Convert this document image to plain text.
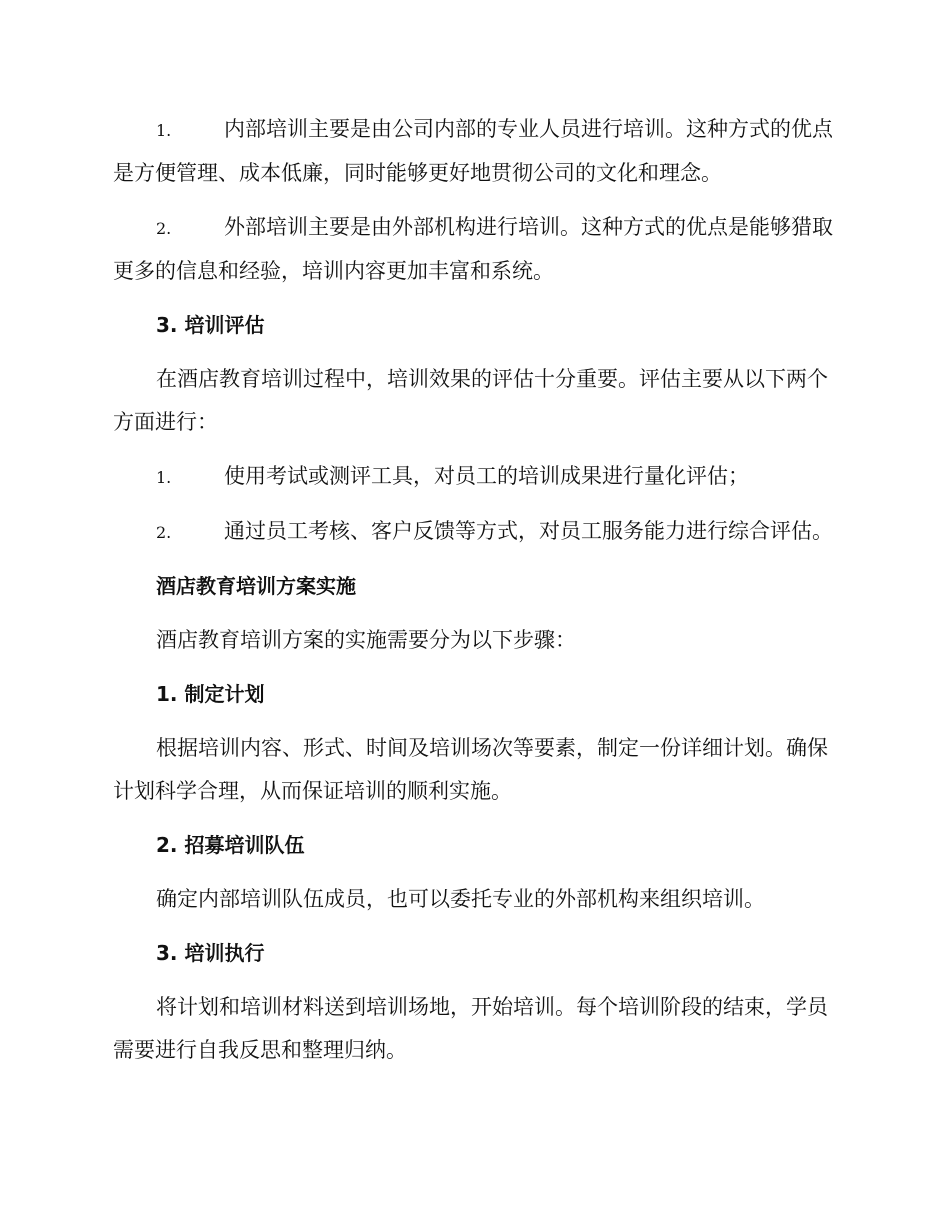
1.	内部培训主要是由公司内部的专业人员进行培训。这种方式的优点是方便管理、成本低廉，同时能够更好地贯彻公司的文化和理念。

2.	外部培训主要是由外部机构进行培训。这种方式的优点是能够猎取更多的信息和经验，培训内容更加丰富和系统。

3. 培训评估

在酒店教育培训过程中，培训效果的评估十分重要。评估主要从以下两个方面进行：

1.	使用考试或测评工具，对员工的培训成果进行量化评估；

2.	通过员工考核、客户反馈等方式，对员工服务能力进行综合评估。

酒店教育培训方案实施

酒店教育培训方案的实施需要分为以下步骤：

1. 制定计划

根据培训内容、形式、时间及培训场次等要素，制定一份详细计划。确保计划科学合理，从而保证培训的顺利实施。

2. 招募培训队伍

确定内部培训队伍成员，也可以委托专业的外部机构来组织培训。

3. 培训执行

将计划和培训材料送到培训场地，开始培训。每个培训阶段的结束，学员需要进行自我反思和整理归纳。
